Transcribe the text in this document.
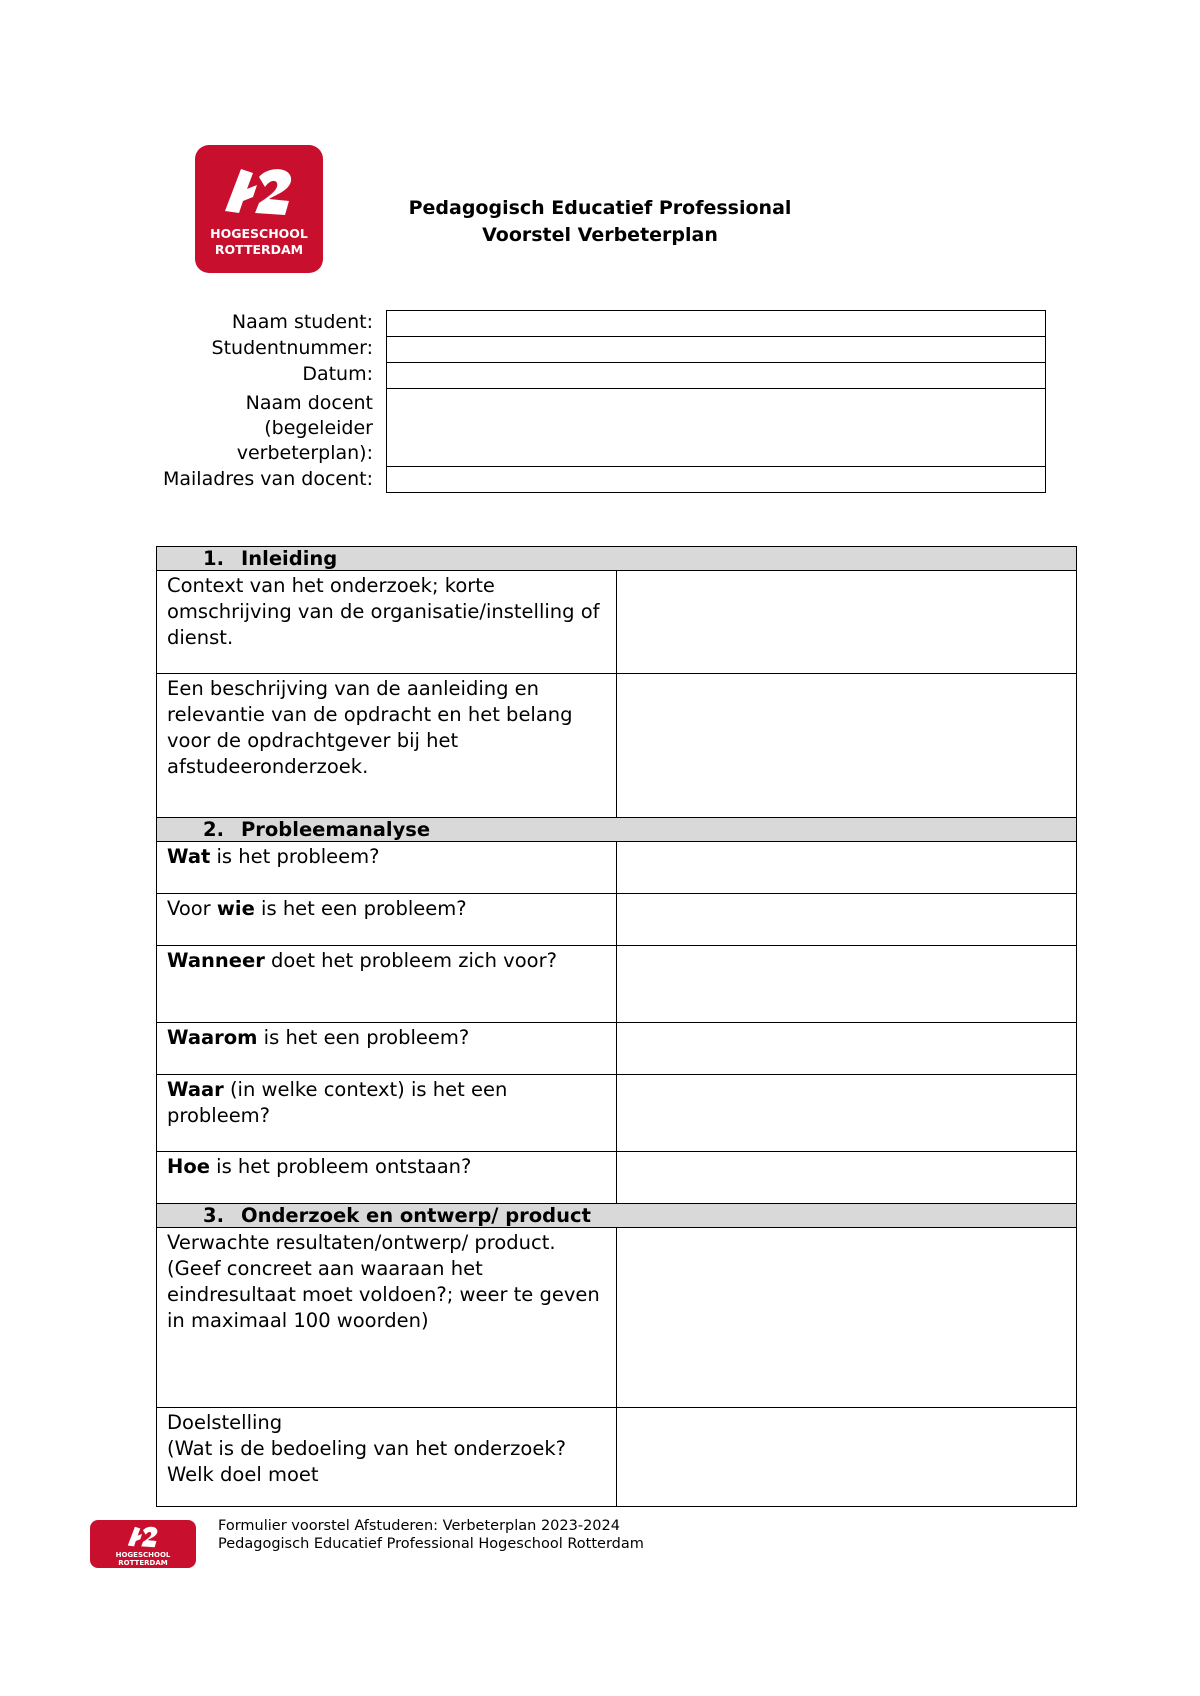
HOGESCHOOL
ROTTERDAM
Pedagogisch Educatief Professional
Voorstel Verbeterplan
Naam student:
Studentnummer:
Datum:
Naam docent
(begeleider
verbeterplan):
Mailadres van docent:
1. Inleiding	
Context van het onderzoek; korte omschrijving van de organisatie/instelling of dienst.	
Een beschrijving van de aanleiding en relevantie van de opdracht en het belang voor de opdrachtgever bij het afstudeeronderzoek.	
2. Probleemanalyse	
Wat is het probleem?	
Voor wie is het een probleem?	
Wanneer doet het probleem zich voor?	
Waarom is het een probleem?	
Waar (in welke context) is het een probleem?	
Hoe is het probleem ontstaan?	
3. Onderzoek en ontwerp/ product	

Verwachte resultaten/ontwerp/ product.
(Geef concreet aan waaraan het eindresultaat moet voldoen?; weer te geven in maximaal 100 woorden)	

Doelstelling
(Wat is de bedoeling van het onderzoek? Welk doel moet	

HOGESCHOOL
ROTTERDAM
Formulier voorstel Afstuderen: Verbeterplan 2023-2024
Pedagogisch Educatief Professional Hogeschool Rotterdam
